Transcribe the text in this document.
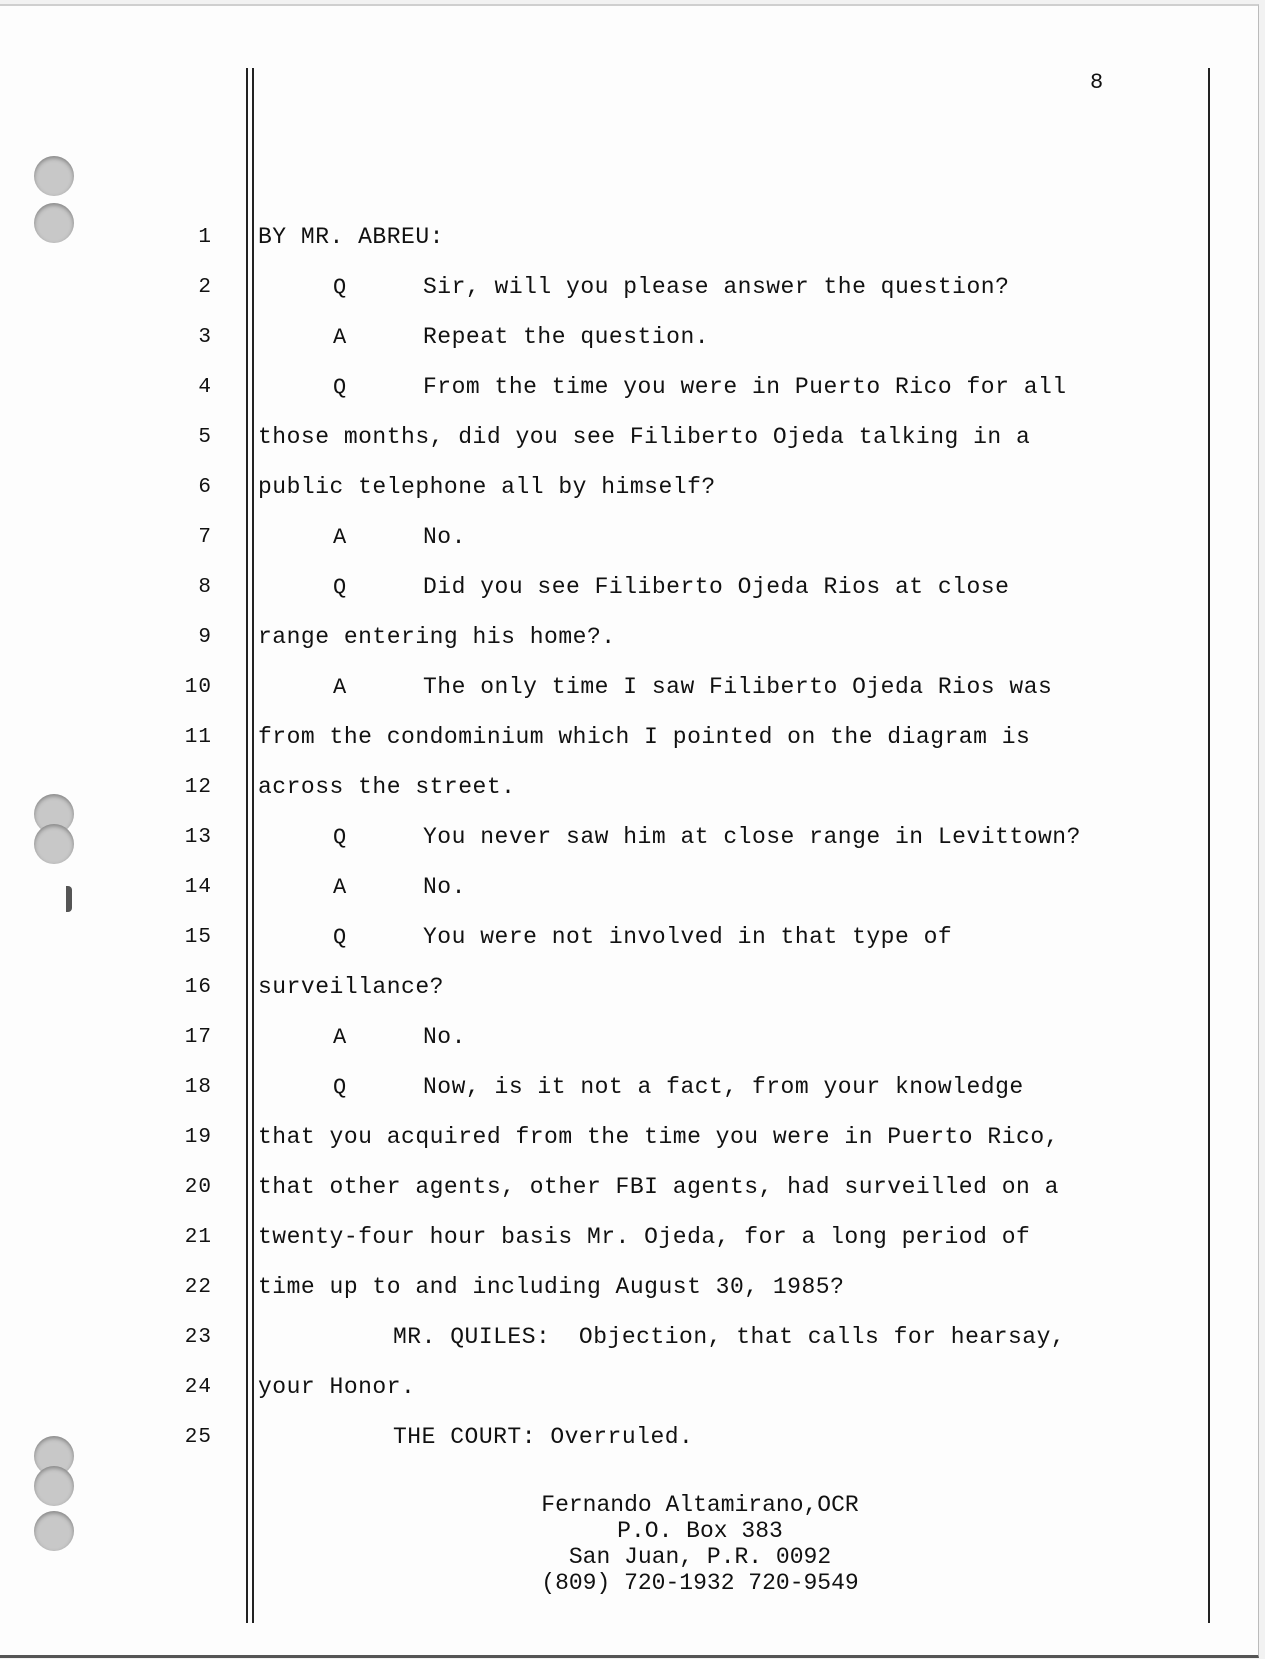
8
1 BY MR. ABREU:
2	Q	Sir, will you please answer the question?
3	A	Repeat the question.
4	Q	From the time you were in Puerto Rico for all
5 those months, did you see Filiberto Ojeda talking in a
6 public telephone all by himself?
7	A	No.
8	Q	Did you see Filiberto Ojeda Rios at close
9 range entering his home?.
10	A	The only time I saw Filiberto Ojeda Rios was
11 from the condominium which I pointed on the diagram is
12 across the street.
13	Q	You never saw him at close range in Levittown?
14	A	No.
15	Q	You were not involved in that type of
16 surveillance?
17	A	No.
18	Q	Now, is it not a fact, from your knowledge
19 that you acquired from the time you were in Puerto Rico,
20 that other agents, other FBI agents, had surveilled on a
21 twenty-four hour basis Mr. Ojeda, for a long period of
22 time up to and including August 30, 1985?
23	MR. QUILES:  Objection, that calls for hearsay,
24 your Honor.
25	THE COURT: Overruled.
Fernando Altamirano,OCR
P.O. Box 383
San Juan, P.R. 0092
(809) 720-1932 720-9549
